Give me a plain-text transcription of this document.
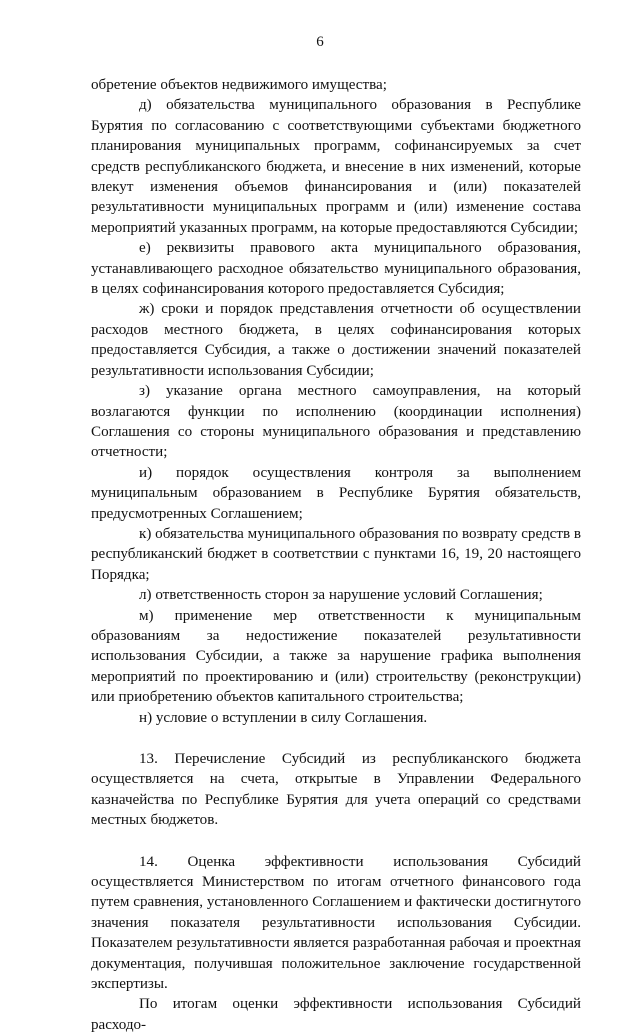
6

обретение объектов недвижимого имущества;

д) обязательства муниципального образования в Республике Бурятия по согласованию с соответствующими субъектами бюджетного планирования муниципальных программ, софинансируемых за счет средств республиканского бюджета, и внесение в них изменений, которые влекут изменения объемов финансирования и (или) показателей результативности муниципальных программ и (или) изменение состава мероприятий указанных программ, на которые предоставляются Субсидии;

е) реквизиты правового акта муниципального образования, устанавливающего расходное обязательство муниципального образования, в целях софинансирования которого предоставляется Субсидия;

ж) сроки и порядок представления отчетности об осуществлении расходов местного бюджета, в целях софинансирования которых предоставляется Субсидия, а также о достижении значений показателей результативности использования Субсидии;

з) указание органа местного самоуправления, на который возлагаются функции по исполнению (координации исполнения) Соглашения со стороны муниципального образования и представлению отчетности;

и) порядок осуществления контроля за выполнением муниципальным образованием в Республике Бурятия обязательств, предусмотренных Соглашением;

к) обязательства муниципального образования по возврату средств в республиканский бюджет в соответствии с пунктами 16, 19, 20 настоящего Порядка;

л) ответственность сторон за нарушение условий Соглашения;

м) применение мер ответственности к муниципальным образованиям за недостижение показателей результативности использования Субсидии, а также за нарушение графика выполнения мероприятий по проектированию и (или) строительству (реконструкции) или приобретению объектов капитального строительства;

н) условие о вступлении в силу Соглашения.

13. Перечисление Субсидий из республиканского бюджета осуществляется на счета, открытые в Управлении Федерального казначейства по Республике Бурятия для учета операций со средствами местных бюджетов.

14. Оценка эффективности использования Субсидий осуществляется Министерством по итогам отчетного финансового года путем сравнения, установленного Соглашением и фактически достигнутого значения показателя результативности использования Субсидии. Показателем результативности является разработанная рабочая и проектная документация, получившая положительное заключение государственной экспертизы.

По итогам оценки эффективности использования Субсидий расходо-
